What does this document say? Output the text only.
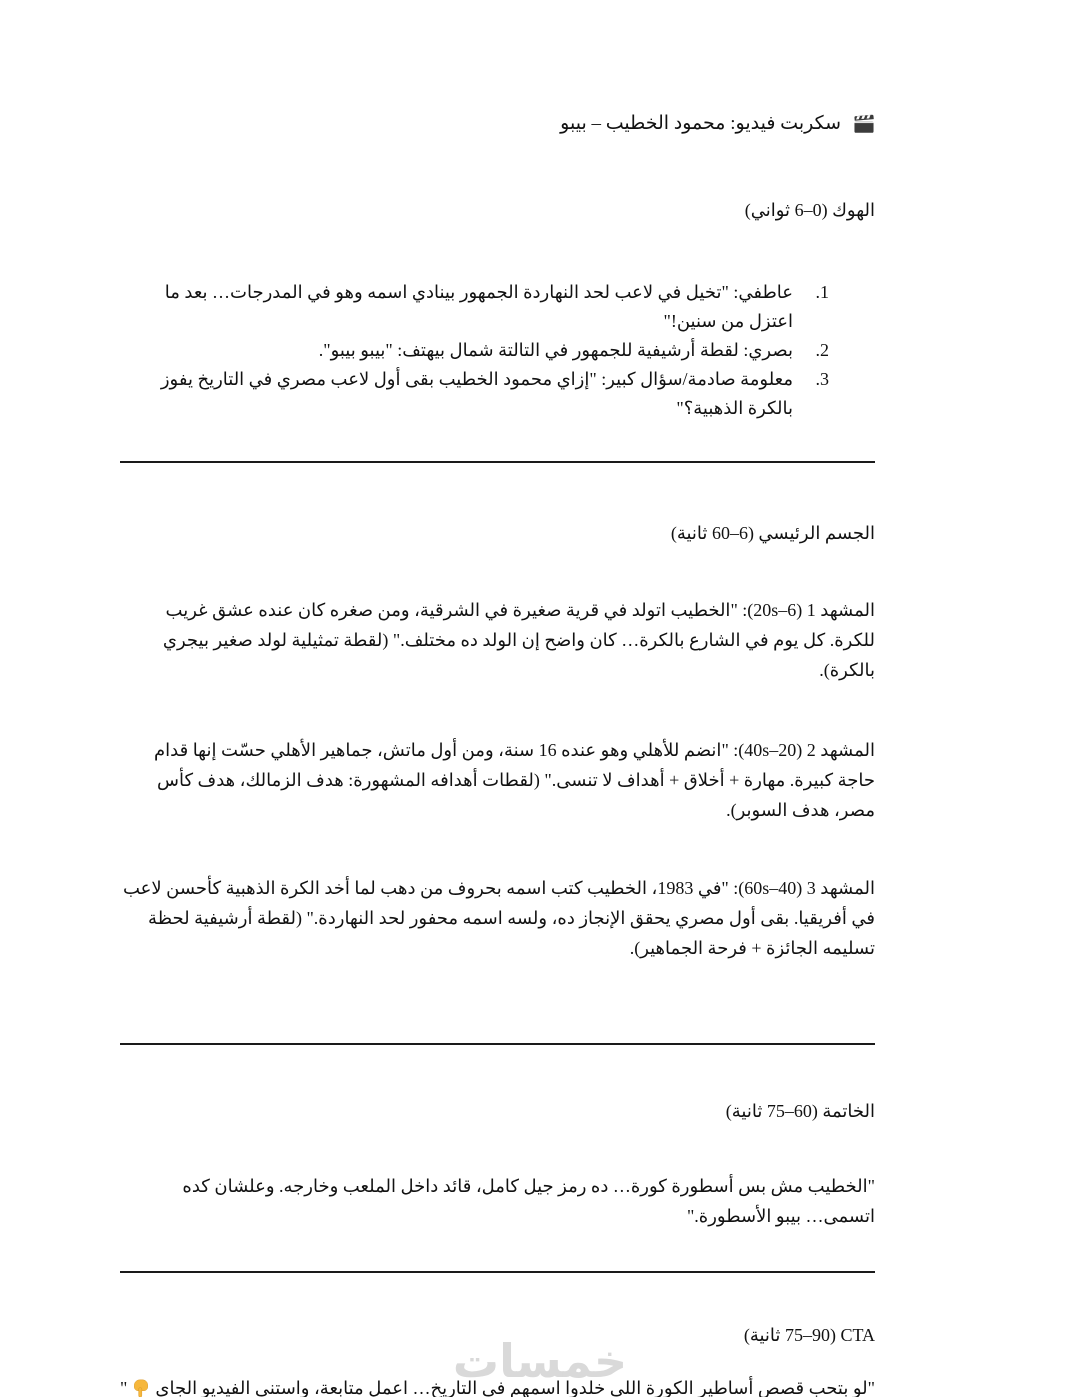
سكربت فيديو: محمود الخطيب – بيبو
الهوك (0–6 ثواني)
عاطفي: "تخيل في لاعب لحد النهاردة الجمهور بينادي اسمه وهو في المدرجات… بعد ما اعتزل من سنين!"
بصري: لقطة أرشيفية للجمهور في التالتة شمال بيهتف: "بيبو بيبو".
معلومة صادمة/سؤال كبير: "إزاي محمود الخطيب بقى أول لاعب مصري في التاريخ يفوز بالكرة الذهبية؟"
الجسم الرئيسي (6–60 ثانية)

المشهد 1 (6–20s): "الخطيب اتولد في قرية صغيرة في الشرقية، ومن صغره كان عنده عشق غريب للكرة. كل يوم في الشارع بالكرة… كان واضح إن الولد ده مختلف." (لقطة تمثيلية لولد صغير بيجري بالكرة).

المشهد 2 (20–40s): "انضم للأهلي وهو عنده 16 سنة، ومن أول ماتش، جماهير الأهلي حسّت إنها قدام حاجة كبيرة. مهارة + أخلاق + أهداف لا تنسى." (لقطات أهدافه المشهورة: هدف الزمالك، هدف كأس مصر، هدف السوبر).

المشهد 3 (40–60s): "في 1983، الخطيب كتب اسمه بحروف من دهب لما أخد الكرة الذهبية كأحسن لاعب في أفريقيا. بقى أول مصري يحقق الإنجاز ده، ولسه اسمه محفور لحد النهاردة." (لقطة أرشيفية لحظة تسليمه الجائزة + فرحة الجماهير).

الخاتمة (60–75 ثانية)

"الخطيب مش بس أسطورة كورة… ده رمز جيل كامل، قائد داخل الملعب وخارجه. وعلشان كده اتسمى… بيبو الأسطورة."

CTA (75–90 ثانية)

"لو بتحب قصص أساطير الكورة اللي خلدوا اسمهم في التاريخ… اعمل متابعة، واستنى الفيديو الجاي"	خمسات
